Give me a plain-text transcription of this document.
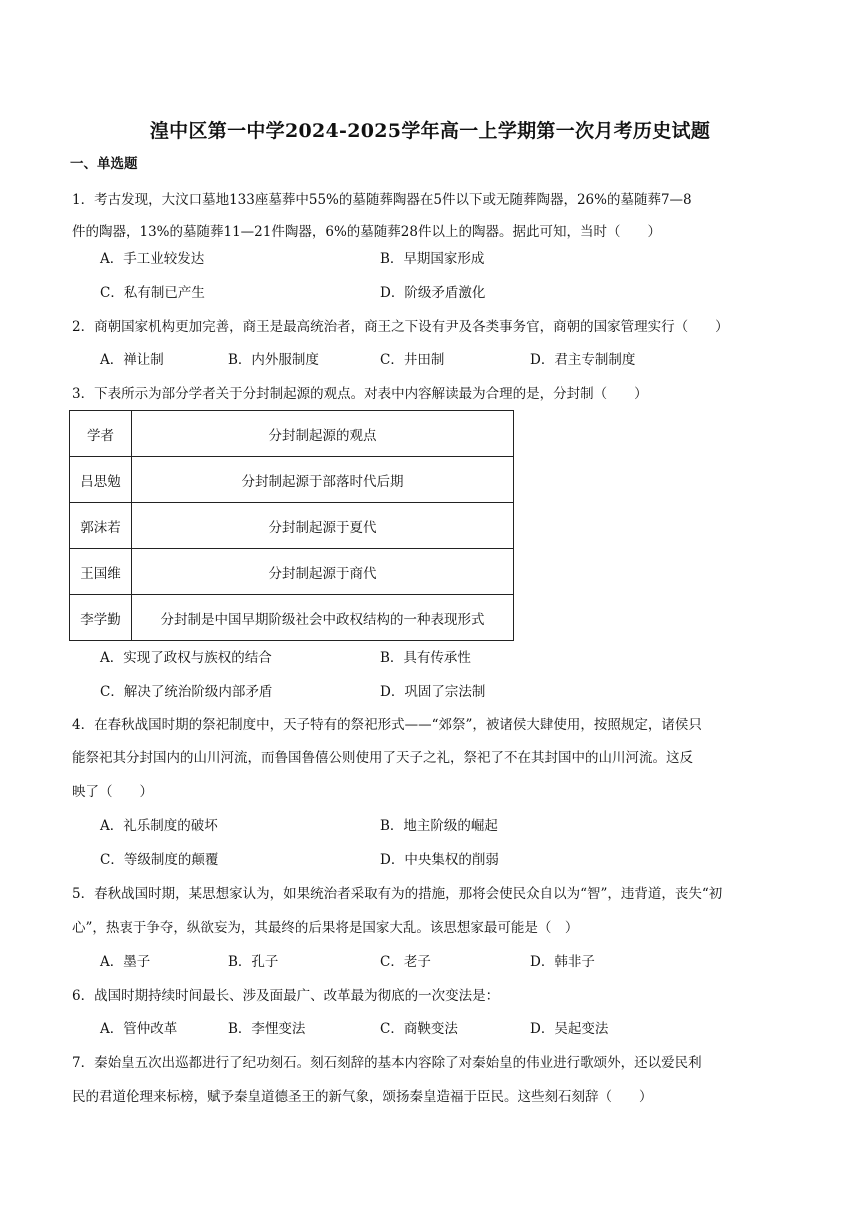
湟中区第一中学2024-2025学年高一上学期第一次月考历史试题
一、单选题
1．考古发现，大汶口墓地133座墓葬中55%的墓随葬陶器在5件以下或无随葬陶器，26%的墓随葬7—8
件的陶器，13%的墓随葬11—21件陶器，6%的墓随葬28件以上的陶器。据此可知，当时（　　）
A．手工业较发达	B．早期国家形成
C．私有制已产生	D．阶级矛盾激化
2．商朝国家机构更加完善，商王是最高统治者，商王之下设有尹及各类事务官，商朝的国家管理实行（　　）
A．禅让制	B．内外服制度	C．井田制	D．君主专制制度
3．下表所示为部分学者关于分封制起源的观点。对表中内容解读最为合理的是，分封制（　　）
学者	分封制起源的观点
吕思勉	分封制起源于部落时代后期
郭沫若	分封制起源于夏代
王国维	分封制起源于商代
李学勤	分封制是中国早期阶级社会中政权结构的一种表现形式
A．实现了政权与族权的结合	B．具有传承性
C．解决了统治阶级内部矛盾	D．巩固了宗法制
4．在春秋战国时期的祭祀制度中，天子特有的祭祀形式——“郊祭”，被诸侯大肆使用，按照规定，诸侯只
能祭祀其分封国内的山川河流，而鲁国鲁僖公则使用了天子之礼，祭祀了不在其封国中的山川河流。这反
映了（　　）
A．礼乐制度的破坏	B．地主阶级的崛起
C．等级制度的颠覆	D．中央集权的削弱
5．春秋战国时期，某思想家认为，如果统治者采取有为的措施，那将会使民众自以为“智”，违背道，丧失“初
心”，热衷于争夺，纵欲妄为，其最终的后果将是国家大乱。该思想家最可能是（　）
A．墨子	B．孔子	C．老子	D．韩非子
6．战国时期持续时间最长、涉及面最广、改革最为彻底的一次变法是：
A．管仲改革	B．李悝变法	C．商鞅变法	D．吴起变法
7．秦始皇五次出巡都进行了纪功刻石。刻石刻辞的基本内容除了对秦始皇的伟业进行歌颂外，还以爱民利
民的君道伦理来标榜，赋予秦皇道德圣王的新气象，颂扬秦皇造福于臣民。这些刻石刻辞（　　）
